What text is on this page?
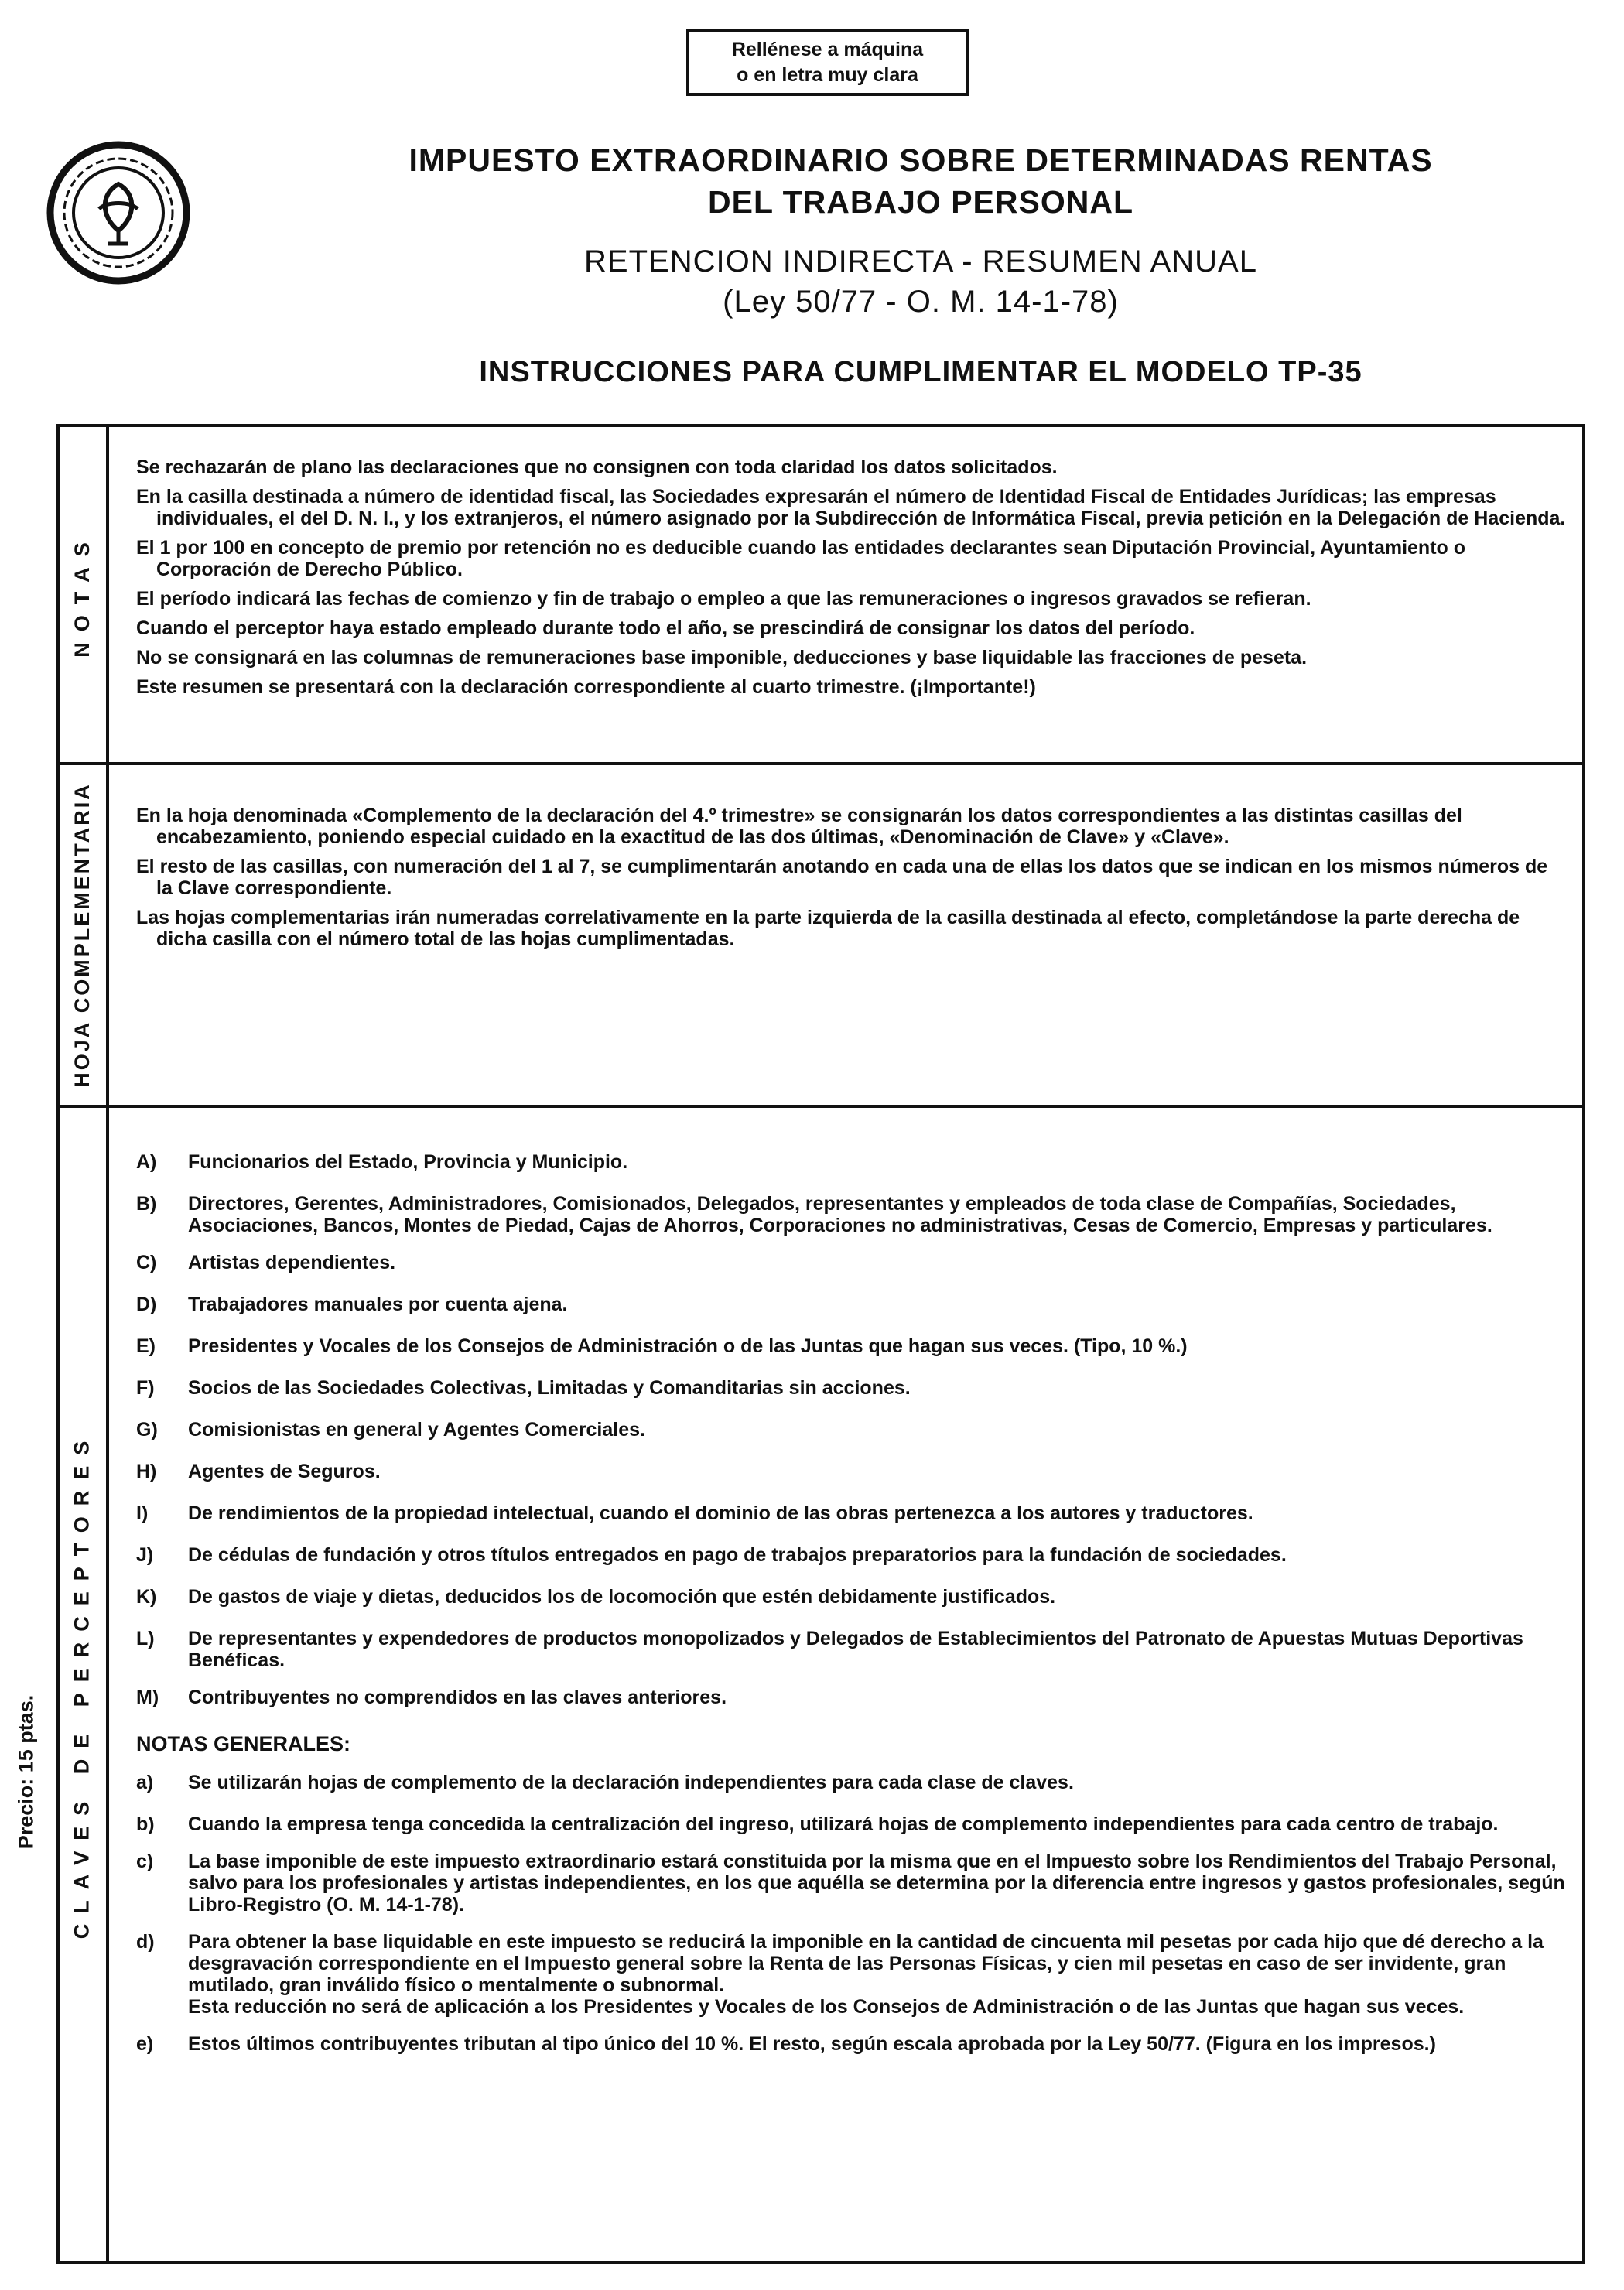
Rellénese a máquina
o en letra muy clara
IMPUESTO EXTRAORDINARIO SOBRE DETERMINADAS RENTAS
DEL TRABAJO PERSONAL
RETENCION INDIRECTA - RESUMEN ANUAL
(Ley 50/77 - O. M. 14-1-78)
INSTRUCCIONES PARA CUMPLIMENTAR EL MODELO TP-35
NOTAS
HOJA COMPLEMENTARIA
CLAVES DE PERCEPTORES

Se rechazarán de plano las declaraciones que no consignen con toda claridad los datos solicitados.

En la casilla destinada a número de identidad fiscal, las Sociedades expresarán el número de Identidad Fiscal de Entidades Jurídicas; las empresas individuales, el del D. N. I., y los extranjeros, el número asignado por la Subdirección de Informática Fiscal, previa petición en la Delegación de Hacienda.

El 1 por 100 en concepto de premio por retención no es deducible cuando las entidades declarantes sean Diputación Provincial, Ayuntamiento o Corporación de Derecho Público.

El período indicará las fechas de comienzo y fin de trabajo o empleo a que las remuneraciones o ingresos gravados se refieran.

Cuando el perceptor haya estado empleado durante todo el año, se prescindirá de consignar los datos del período.

No se consignará en las columnas de remuneraciones base imponible, deducciones y base liquidable las fracciones de peseta.

Este resumen se presentará con la declaración correspondiente al cuarto trimestre. (¡Importante!)

En la hoja denominada «Complemento de la declaración del 4.º trimestre» se consignarán los datos correspondientes a las distintas casillas del encabezamiento, poniendo especial cuidado en la exactitud de las dos últimas, «Denominación de Clave» y «Clave».

El resto de las casillas, con numeración del 1 al 7, se cumplimentarán anotando en cada una de ellas los datos que se indican en los mismos números de la Clave correspondiente.

Las hojas complementarias irán numeradas correlativamente en la parte izquierda de la casilla destinada al efecto, completándose la parte derecha de dicha casilla con el número total de las hojas cumplimentadas.

A)	Funcionarios del Estado, Provincia y Municipio.
B)	Directores, Gerentes, Administradores, Comisionados, Delegados, representantes y empleados de toda clase de Compañías, Sociedades, Asociaciones, Bancos, Montes de Piedad, Cajas de Ahorros, Corporaciones no administrativas, Cesas de Comercio, Empresas y particulares.
C)	Artistas dependientes.
D)	Trabajadores manuales por cuenta ajena.
E)	Presidentes y Vocales de los Consejos de Administración o de las Juntas que hagan sus veces. (Tipo, 10 %.)
F)	Socios de las Sociedades Colectivas, Limitadas y Comanditarias sin acciones.
G)	Comisionistas en general y Agentes Comerciales.
H)	Agentes de Seguros.
I)	De rendimientos de la propiedad intelectual, cuando el dominio de las obras pertenezca a los autores y traductores.
J)	De cédulas de fundación y otros títulos entregados en pago de trabajos preparatorios para la fundación de sociedades.
K)	De gastos de viaje y dietas, deducidos los de locomoción que estén debidamente justificados.
L)	De representantes y expendedores de productos monopolizados y Delegados de Establecimientos del Patronato de Apuestas Mutuas Deportivas Benéficas.
M)	Contribuyentes no comprendidos en las claves anteriores.

NOTAS GENERALES:

a)	Se utilizarán hojas de complemento de la declaración independientes para cada clase de claves.
b)	Cuando la empresa tenga concedida la centralización del ingreso, utilizará hojas de complemento independientes para cada centro de trabajo.
c)	La base imponible de este impuesto extraordinario estará constituida por la misma que en el Impuesto sobre los Rendimientos del Trabajo Personal, salvo para los profesionales y artistas independientes, en los que aquélla se determina por la diferencia entre ingresos y gastos profesionales, según Libro-Registro (O. M. 14-1-78).
d)	Para obtener la base liquidable en este impuesto se reducirá la imponible en la cantidad de cincuenta mil pesetas por cada hijo que dé derecho a la desgravación correspondiente en el Impuesto general sobre la Renta de las Personas Físicas, y cien mil pesetas en caso de ser invidente, gran mutilado, gran inválido físico o mentalmente o subnormal.
Esta reducción no será de aplicación a los Presidentes y Vocales de los Consejos de Administración o de las Juntas que hagan sus veces.
e)	Estos últimos contribuyentes tributan al tipo único del 10 %. El resto, según escala aprobada por la Ley 50/77. (Figura en los impresos.)
Precio: 15 ptas.
